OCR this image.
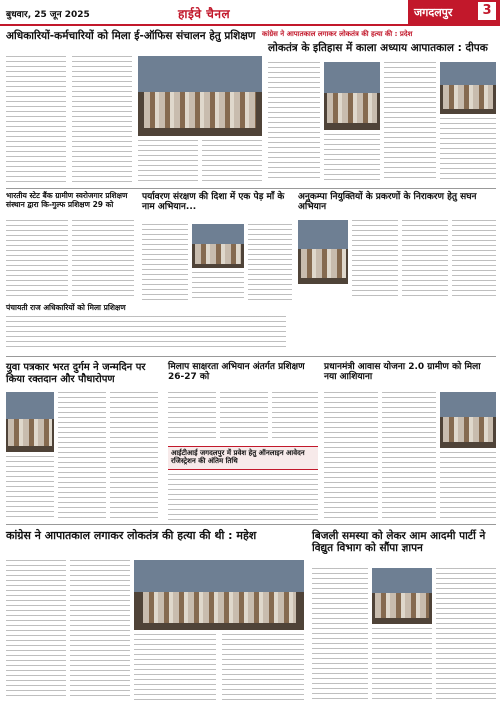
बुधवार, 25 जून 2025	हाईवे चैनल	जगदलपुर	3
कांग्रेस ने आपातकाल लगाकर लोकतंत्र की हत्या की : प्रदेश
अधिकारियों-कर्मचारियों को मिला ई-ऑफिस संचालन हेतु प्रशिक्षण
लोकतंत्र के इतिहास में काला अध्याय आपातकाल : दीपक
भारतीय स्टेट बैंक ग्रामीण स्वरोजगार प्रशिक्षण संस्थान द्वारा कि-गुल्फ प्रशिक्षण 29 को
पर्यावरण संरक्षण की दिशा में एक पेड़ माँ के नाम अभियान...
अनुकम्पा नियुक्तियों के प्रकरणों के निराकरण हेतु सघन अभियान
पंचायती राज अधिकारियों को मिला प्रशिक्षण
युवा पत्रकार भरत दुर्गम ने जन्मदिन पर किया रक्तदान और पौधारोपण
मिलाप साक्षरता अभियान अंतर्गत प्रशिक्षण 26-27 को
आईटीआई जगदलपुर में प्रवेश हेतु ऑनलाइन आवेदन रजिस्ट्रेशन की अंतिम तिथि
प्रधानमंत्री आवास योजना 2.0 ग्रामीण को मिला नया आशियाना
कांग्रेस ने आपातकाल लगाकर लोकतंत्र की हत्या की थी : महेश	बिजली समस्या को लेकर आम आदमी पार्टी ने विद्युत विभाग को सौंपा ज्ञापन
